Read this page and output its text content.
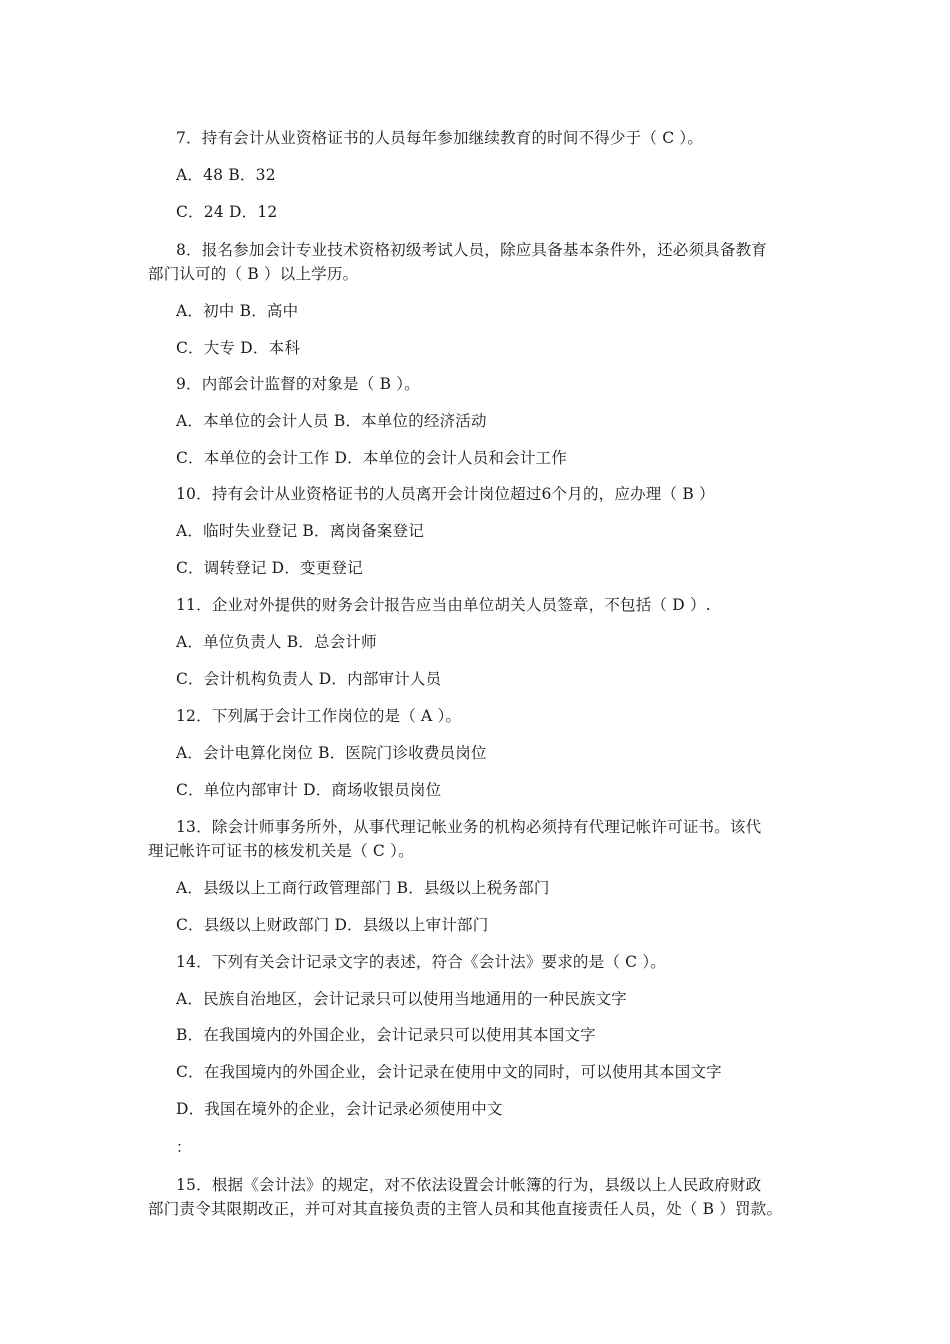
7．持有会计从业资格证书的人员每年参加继续教育的时间不得少于（ C ）。
A．48 B．32
C．24 D．12
8．报名参加会计专业技术资格初级考试人员，除应具备基本条件外，还必须具备教育
部门认可的（ B ）以上学历。
A．初中 B．高中
C．大专 D．本科
9．内部会计监督的对象是（ B ）。
A．本单位的会计人员 B．本单位的经济活动
C．本单位的会计工作 D．本单位的会计人员和会计工作
10．持有会计从业资格证书的人员离开会计岗位超过6个月的，应办理（ B ）
A．临时失业登记 B．离岗备案登记
C．调转登记 D．变更登记
11．企业对外提供的财务会计报告应当由单位胡关人员签章，不包括（ D ）.
A．单位负责人 B．总会计师
C．会计机构负责人 D．内部审计人员
12．下列属于会计工作岗位的是（ A ）。
A．会计电算化岗位 B．医院门诊收费员岗位
C．单位内部审计 D．商场收银员岗位
13．除会计师事务所外，从事代理记帐业务的机构必须持有代理记帐许可证书。该代
理记帐许可证书的核发机关是（ C ）。
A．县级以上工商行政管理部门 B．县级以上税务部门
C．县级以上财政部门 D．县级以上审计部门
14．下列有关会计记录文字的表述，符合《会计法》要求的是（ C ）。
A．民族自治地区，会计记录只可以使用当地通用的一种民族文字
B．在我国境内的外国企业，会计记录只可以使用其本国文字
C．在我国境内的外国企业，会计记录在使用中文的同时，可以使用其本国文字
D．我国在境外的企业，会计记录必须使用中文
：
15．根据《会计法》的规定，对不依法设置会计帐簿的行为，县级以上人民政府财政
部门责令其限期改正，并可对其直接负责的主管人员和其他直接责任人员，处（ B ）罚款。
